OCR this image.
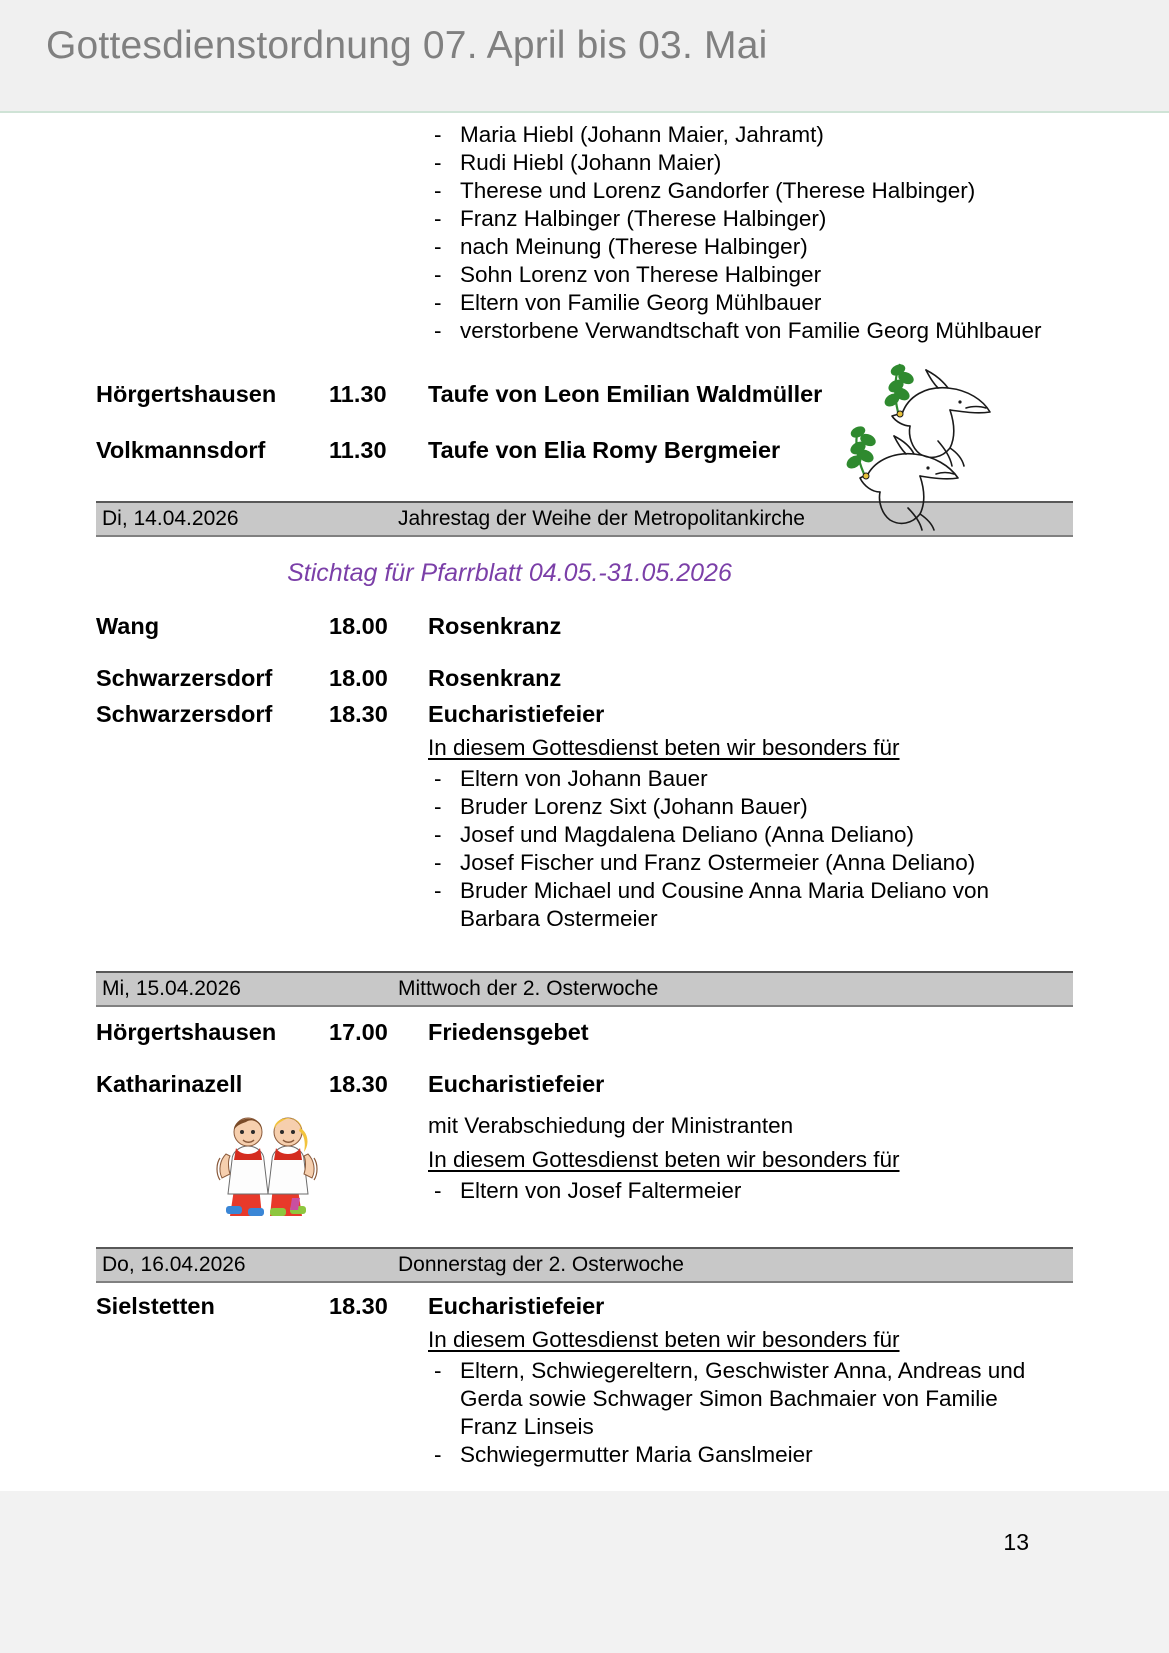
Gottesdienstordnung 07. April bis 03. Mai
- Maria Hiebl (Johann Maier, Jahramt)
- Rudi Hiebl (Johann Maier)
- Therese und Lorenz Gandorfer (Therese Halbinger)
- Franz Halbinger (Therese Halbinger)
- nach Meinung (Therese Halbinger)
- Sohn Lorenz von Therese Halbinger
- Eltern von Familie Georg Mühlbauer
- verstorbene Verwandtschaft von Familie Georg Mühlbauer
Hörgertshausen	11.30	Taufe von Leon Emilian Waldmüller
Volkmannsdorf	11.30	Taufe von Elia Romy Bergmeier
Di, 14.04.2026	Jahrestag der Weihe der Metropolitankirche
Stichtag für Pfarrblatt 04.05.-31.05.2026
Wang	18.00	Rosenkranz
Schwarzersdorf	18.00	Rosenkranz
Schwarzersdorf	18.30	Eucharistiefeier
In diesem Gottesdienst beten wir besonders für
- Eltern von Johann Bauer
- Bruder Lorenz Sixt (Johann Bauer)
- Josef und Magdalena Deliano (Anna Deliano)
- Josef Fischer und Franz Ostermeier (Anna Deliano)
- Bruder Michael und Cousine Anna Maria Deliano von Barbara Ostermeier
Mi, 15.04.2026	Mittwoch der 2. Osterwoche
Hörgertshausen	17.00	Friedensgebet
Katharinazell	18.30	Eucharistiefeier
mit Verabschiedung der Ministranten
In diesem Gottesdienst beten wir besonders für
- Eltern von Josef Faltermeier
Do, 16.04.2026	Donnerstag der 2. Osterwoche
Sielstetten	18.30	Eucharistiefeier
In diesem Gottesdienst beten wir besonders für
- Eltern, Schwiegereltern, Geschwister Anna, Andreas und Gerda sowie Schwager Simon Bachmaier von Familie Franz Linseis
- Schwiegermutter Maria Ganslmeier
13
